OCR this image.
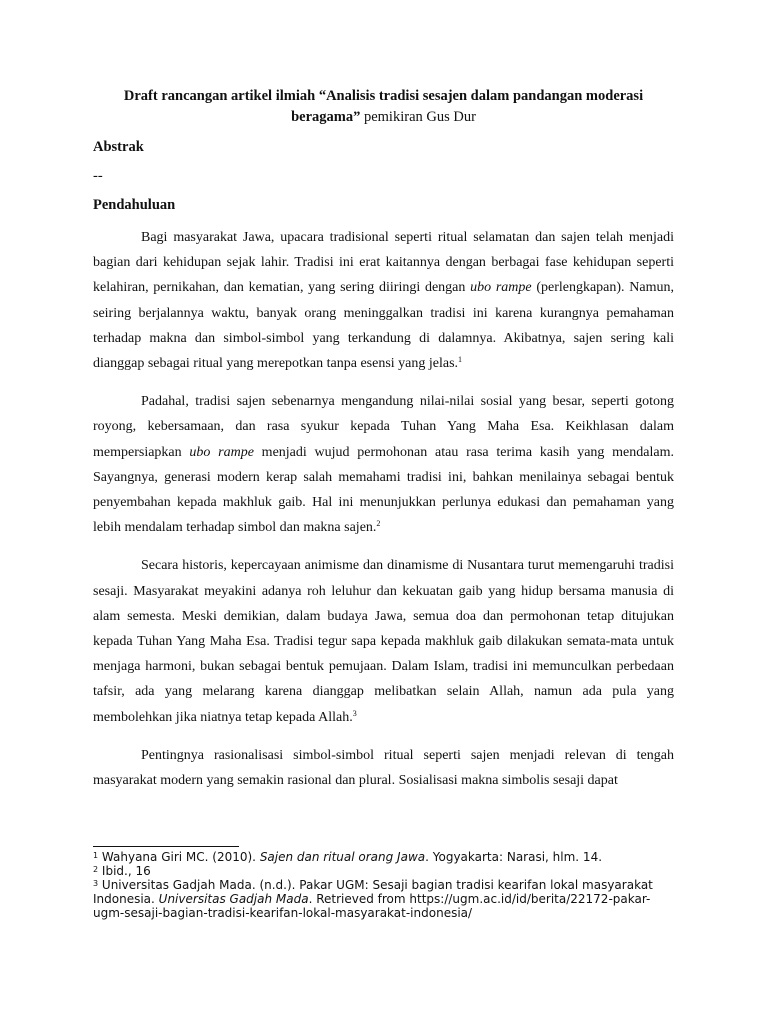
Draft rancangan artikel ilmiah “Analisis tradisi sesajen dalam pandangan moderasi beragama” pemikiran Gus Dur

Abstrak

--

Pendahuluan

Bagi masyarakat Jawa, upacara tradisional seperti ritual selamatan dan sajen telah menjadi bagian dari kehidupan sejak lahir. Tradisi ini erat kaitannya dengan berbagai fase kehidupan seperti kelahiran, pernikahan, dan kematian, yang sering diiringi dengan ubo rampe (perlengkapan). Namun, seiring berjalannya waktu, banyak orang meninggalkan tradisi ini karena kurangnya pemahaman terhadap makna dan simbol-simbol yang terkandung di dalamnya. Akibatnya, sajen sering kali dianggap sebagai ritual yang merepotkan tanpa esensi yang jelas.$^1$

Padahal, tradisi sajen sebenarnya mengandung nilai-nilai sosial yang besar, seperti gotong royong, kebersamaan, dan rasa syukur kepada Tuhan Yang Maha Esa. Keikhlasan dalam mempersiapkan ubo rampe menjadi wujud permohonan atau rasa terima kasih yang mendalam. Sayangnya, generasi modern kerap salah memahami tradisi ini, bahkan menilainya sebagai bentuk penyembahan kepada makhluk gaib. Hal ini menunjukkan perlunya edukasi dan pemahaman yang lebih mendalam terhadap simbol dan makna sajen.$^2$

Secara historis, kepercayaan animisme dan dinamisme di Nusantara turut memengaruhi tradisi sesaji. Masyarakat meyakini adanya roh leluhur dan kekuatan gaib yang hidup bersama manusia di alam semesta. Meski demikian, dalam budaya Jawa, semua doa dan permohonan tetap ditujukan kepada Tuhan Yang Maha Esa. Tradisi tegur sapa kepada makhluk gaib dilakukan semata-mata untuk menjaga harmoni, bukan sebagai bentuk pemujaan. Dalam Islam, tradisi ini memunculkan perbedaan tafsir, ada yang melarang karena dianggap melibatkan selain Allah, namun ada pula yang membolehkan jika niatnya tetap kepada Allah.$^3$

Pentingnya rasionalisasi simbol-simbol ritual seperti sajen menjadi relevan di tengah masyarakat modern yang semakin rasional dan plural. Sosialisasi makna simbolis sesaji dapat

$^1$ Wahyana Giri MC. (2010). Sajen dan ritual orang Jawa. Yogyakarta: Narasi, hlm. 14.

$^2$ Ibid., 16

$^3$ Universitas Gadjah Mada. (n.d.). Pakar UGM: Sesaji bagian tradisi kearifan lokal masyarakat Indonesia. Universitas Gadjah Mada. Retrieved from https://ugm.ac.id/id/berita/22172-pakar-ugm-sesaji-bagian-tradisi-kearifan-lokal-masyarakat-indonesia/
